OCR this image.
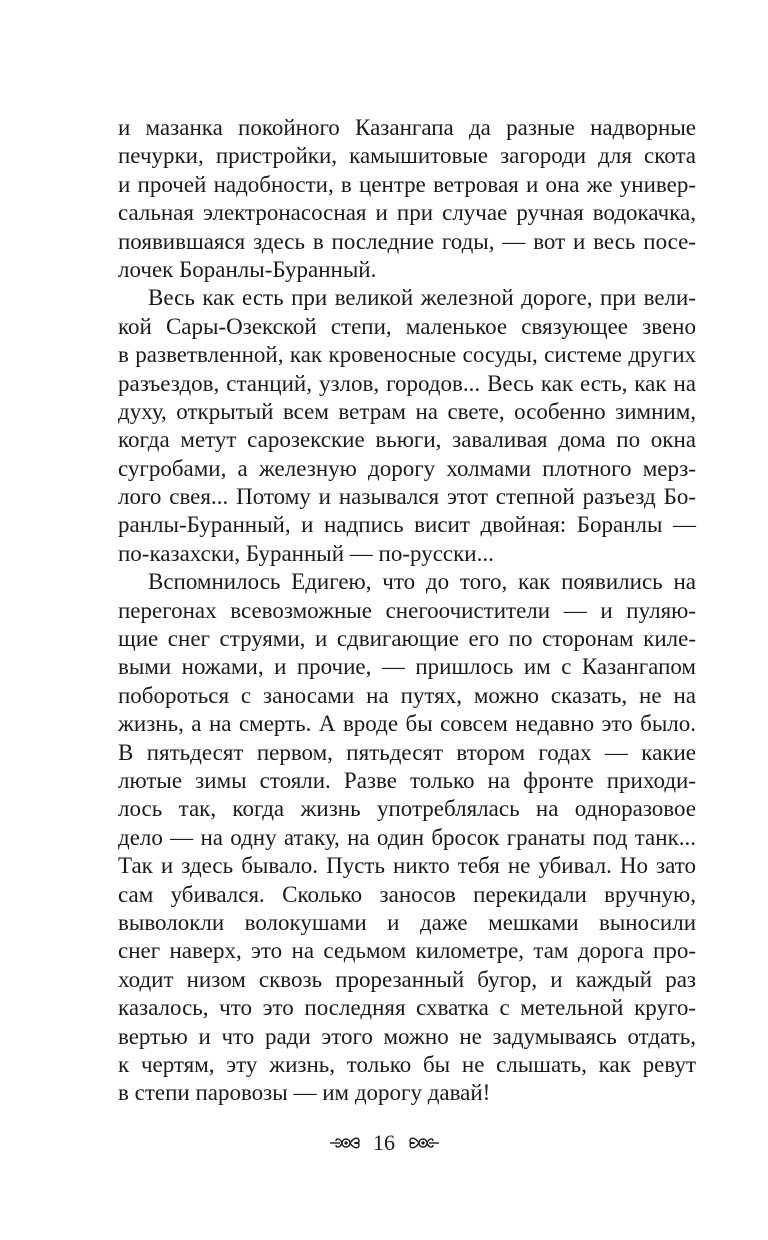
и мазанка покойного Казангапа да разные надворные
печурки, пристройки, камышитовые загороди для скота
и прочей надобности, в центре ветровая и она же универ-
сальная электронасосная и при случае ручная водокачка,
появившаяся здесь в последние годы, — вот и весь посе-
лочек Боранлы-Буранный.
Весь как есть при великой железной дороге, при вели-
кой Сары-Озекской степи, маленькое связующее звено
в разветвленной, как кровеносные сосуды, системе других
разъездов, станций, узлов, городов... Весь как есть, как на
духу, открытый всем ветрам на свете, особенно зимним,
когда метут сарозекские вьюги, заваливая дома по окна
сугробами, а железную дорогу холмами плотного мерз-
лого свея... Потому и назывался этот степной разъезд Бо-
ранлы-Буранный, и надпись висит двойная: Боранлы —
по-казахски, Буранный — по-русски...
Вспомнилось Едигею, что до того, как появились на
перегонах всевозможные снегоочистители — и пуляю-
щие снег струями, и сдвигающие его по сторонам киле-
выми ножами, и прочие, — пришлось им с Казангапом
побороться с заносами на путях, можно сказать, не на
жизнь, а на смерть. А вроде бы совсем недавно это было.
В пятьдесят первом, пятьдесят втором годах — какие
лютые зимы стояли. Разве только на фронте приходи-
лось так, когда жизнь употреблялась на одноразовое
дело — на одну атаку, на один бросок гранаты под танк...
Так и здесь бывало. Пусть никто тебя не убивал. Но зато
сам убивался. Сколько заносов перекидали вручную,
выволокли волокушами и даже мешками выносили
снег наверх, это на седьмом километре, там дорога про-
ходит низом сквозь прорезанный бугор, и каждый раз
казалось, что это последняя схватка с метельной круго-
вертью и что ради этого можно не задумываясь отдать,
к чертям, эту жизнь, только бы не слышать, как ревут
в степи паровозы — им дорогу давай!
16
